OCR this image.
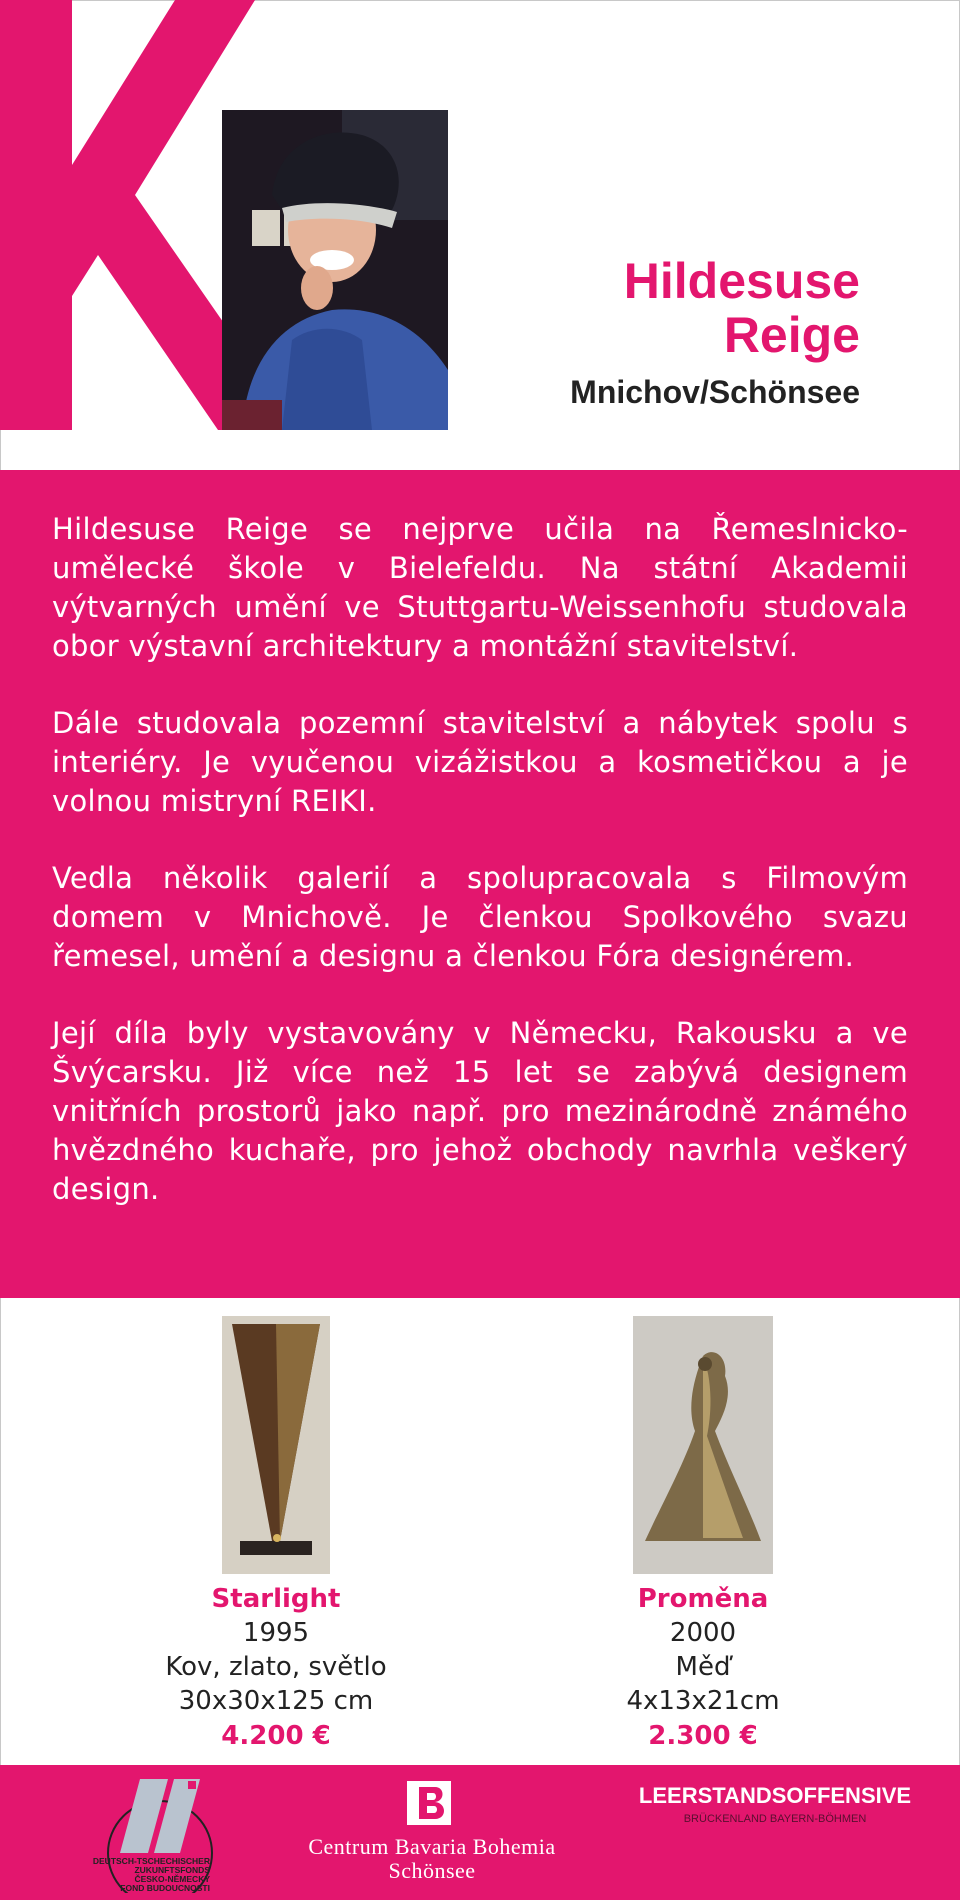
Hildesuse
Reige
Mnichov/Schönsee

Hildesuse Reige se nejprve učila na Řemeslnicko-umělecké škole v Bielefeldu. Na státní Akademii výtvarných umění ve Stuttgartu-Weissenhofu studovala obor výstavní architektury a montážní stavitelství.

Dále studovala pozemní stavitelství a nábytek spolu s interiéry. Je vyučenou vizážistkou a kosmetičkou a je volnou mistryní REIKI.

Vedla několik galerií a spolupracovala s Filmovým domem v Mnichově. Je členkou Spolkového svazu řemesel, umění a designu a členkou Fóra designérem.

Její díla byly vystavovány v Německu, Rakousku a ve Švýcarsku. Již více než 15 let se zabývá designem vnitřních prostorů jako např. pro mezinárodně známého hvězdného kuchaře, pro jehož obchody navrhla veškerý design.

Starlight
1995
Kov, zlato, světlo
30x30x125 cm
4.200 €
Proměna
2000
Měď
4x13x21cm
2.300 €
DEUTSCH-TSCHECHISCHER
ZUKUNFTSFONDS
ČESKO-NĚMECKÝ
FOND BUDOUCNOSTI
Centrum Bavaria Bohemia
Schönsee
LEERSTANDSOFFENSIVE
BRÜCKENLAND BAYERN-BÖHMEN
